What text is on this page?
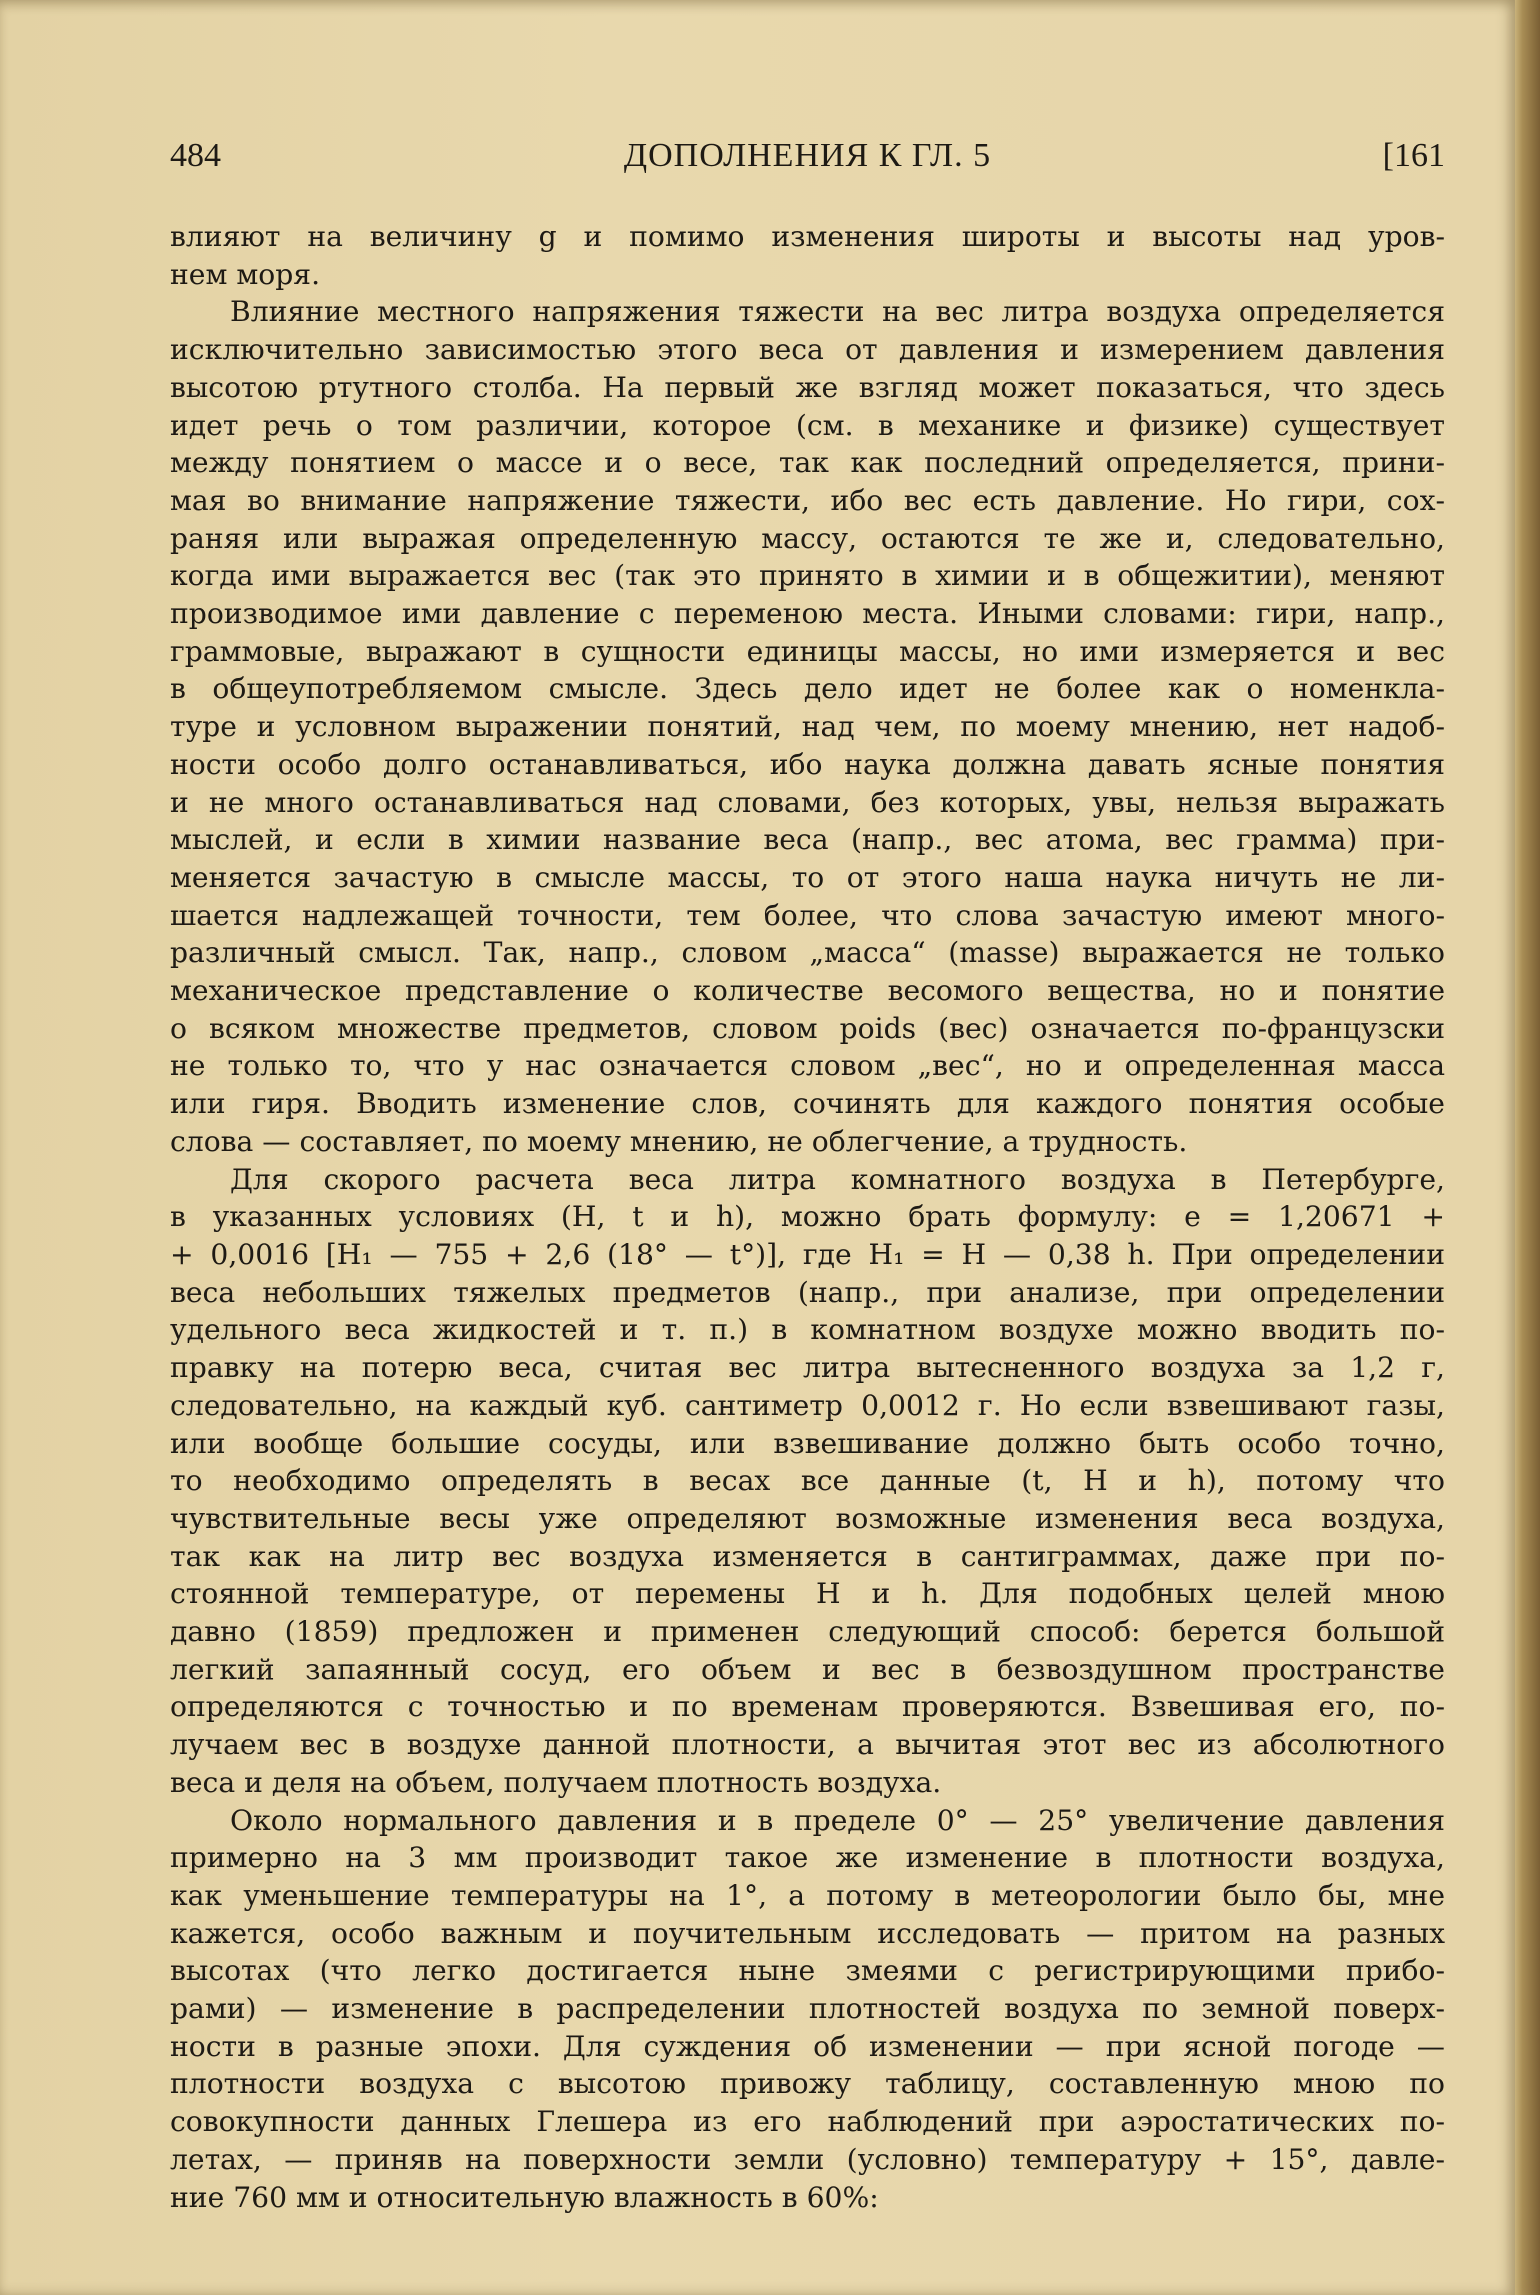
484	ДОПОЛНЕНИЯ К ГЛ. 5	[161
влияют на величину g и помимо изменения широты и высоты над уров-
нем моря.
Влияние местного напряжения тяжести на вес литра воздуха определяется
исключительно зависимостью этого веса от давления и измерением давления
высотою ртутного столба. На первый же взгляд может показаться, что здесь
идет речь о том различии, которое (см. в механике и физике) существует
между понятием о массе и о весе, так как последний определяется, прини-
мая во внимание напряжение тяжести, ибо вес есть давление. Но гири, сох-
раняя или выражая определенную массу, остаются те же и, следовательно,
когда ими выражается вес (так это принято в химии и в общежитии), меняют
производимое ими давление с переменою места. Иными словами: гири, напр.,
граммовые, выражают в сущности единицы массы, но ими измеряется и вес
в общеупотребляемом смысле. Здесь дело идет не более как о номенкла-
туре и условном выражении понятий, над чем, по моему мнению, нет надоб-
ности особо долго останавливаться, ибо наука должна давать ясные понятия
и не много останавливаться над словами, без которых, увы, нельзя выражать
мыслей, и если в химии название веса (напр., вес атома, вес грамма) при-
меняется зачастую в смысле массы, то от этого наша наука ничуть не ли-
шается надлежащей точности, тем более, что слова зачастую имеют много-
различный смысл. Так, напр., словом „масса“ (masse) выражается не только
механическое представление о количестве весомого вещества, но и понятие
о всяком множестве предметов, словом poids (вес) означается по-французски
не только то, что у нас означается словом „вес“, но и определенная масса
или гиря. Вводить изменение слов, сочинять для каждого понятия особые
слова — составляет, по моему мнению, не облегчение, а трудность.
Для скорого расчета веса литра комнатного воздуха в Петербурге,
в указанных условиях (H, t и h), можно брать формулу: e = 1,20671 +
+ 0,0016 [H₁ — 755 + 2,6 (18° — t°)], где H₁ = H — 0,38 h. При определении
веса небольших тяжелых предметов (напр., при анализе, при определении
удельного веса жидкостей и т. п.) в комнатном воздухе можно вводить по-
правку на потерю веса, считая вес литра вытесненного воздуха за 1,2 г,
следовательно, на каждый куб. сантиметр 0,0012 г. Но если взвешивают газы,
или вообще большие сосуды, или взвешивание должно быть особо точно,
то необходимо определять в весах все данные (t, H и h), потому что
чувствительные весы уже определяют возможные изменения веса воздуха,
так как на литр вес воздуха изменяется в сантиграммах, даже при по-
стоянной температуре, от перемены H и h. Для подобных целей мною
давно (1859) предложен и применен следующий способ: берется большой
легкий запаянный сосуд, его объем и вес в безвоздушном пространстве
определяются с точностью и по временам проверяются. Взвешивая его, по-
лучаем вес в воздухе данной плотности, а вычитая этот вес из абсолютного
веса и деля на объем, получаем плотность воздуха.
Около нормального давления и в пределе 0° — 25° увеличение давления
примерно на 3 мм производит такое же изменение в плотности воздуха,
как уменьшение температуры на 1°, а потому в метеорологии было бы, мне
кажется, особо важным и поучительным исследовать — притом на разных
высотах (что легко достигается ныне змеями с регистрирующими прибо-
рами) — изменение в распределении плотностей воздуха по земной поверх-
ности в разные эпохи. Для суждения об изменении — при ясной погоде —
плотности воздуха с высотою привожу таблицу, составленную мною по
совокупности данных Глешера из его наблюдений при аэростатических по-
летах, — приняв на поверхности земли (условно) температуру + 15°, давле-
ние 760 мм и относительную влажность в 60%:
